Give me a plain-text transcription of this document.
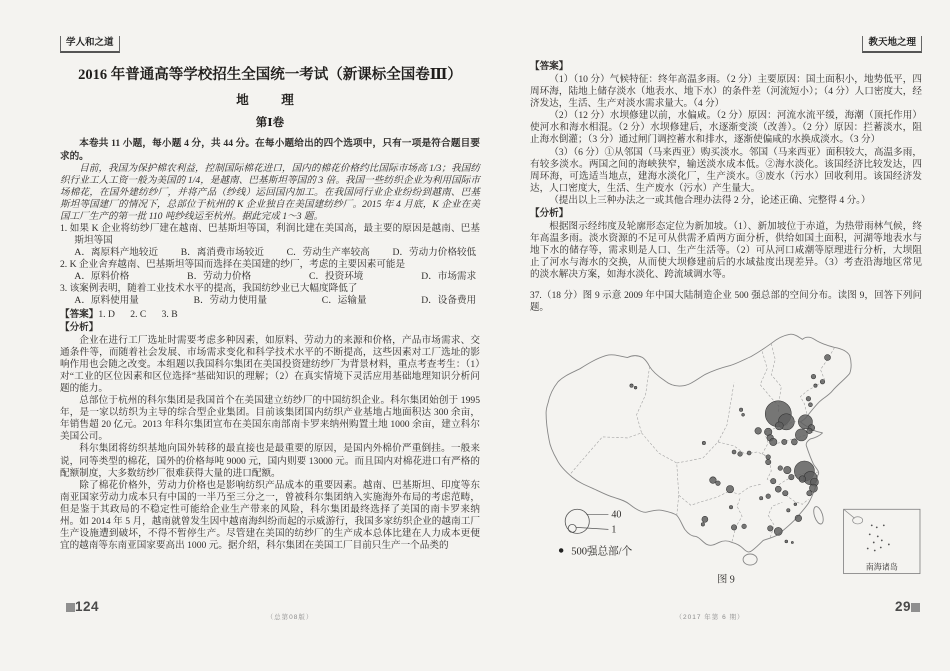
学人和之道
2016 年普通高等学校招生全国统一考试（新课标全国卷Ⅲ）
地　理
第Ⅰ卷

本卷共 11 小题，每小题 4 分，共 44 分。在每小题给出的四个选项中，只有一项是符合题目要求的。

目前，我国为保护棉农利益，控制国际棉花进口，国内的棉花价格约比国际市场高 1/3；我国纺织行业工人工资一般为美国的 1/4，是越南、巴基斯坦等国的 3 倍。我国一些纺织企业为利用国际市场棉花，在国外建纺纱厂，并将产品（纱线）运回国内加工。在我国同行业企业纷纷到越南、巴基斯坦等国建厂的情况下，总部位于杭州的 K 企业独自在美国建纺纱厂。2015 年 4 月底，K 企业在美国工厂生产的第一批 110 吨纱线运至杭州。据此完成 1～3 题。

1. 如果 K 企业将纺纱厂建在越南、巴基斯坦等国，利润比建在美国高，最主要的原因是越南、巴基斯坦等国

A．离原料产地较近 B．离消费市场较近 C．劳动生产率较高 D．劳动力价格较低

2. K 企业舍弃越南、巴基斯坦等国而选择在美国建的纱厂，考虑的主要因素可能是

A．原料价格	B．劳动力价格	C．投资环境	D．市场需求

3. 该案例表明，随着工业技术水平的提高，我国纺纱业已大幅度降低了

A．原料使用量	B．劳动力使用量	C．运输量	D．设备费用

【答案】1. D 2. C 3. B

【分析】

企业在进行工厂选址时需要考虑多种因素，如原料、劳动力的来源和价格，产品市场需求、交通条件等，而随着社会发展、市场需求变化和科学技术水平的不断提高，这些因素对工厂选址的影响作用也会随之改变。本组题以我国科尔集团在美国投资建纺纱厂为背景材料，重点考查考生：（1）对“工业的区位因素和区位选择”基础知识的理解；（2）在真实情境下灵活应用基础地理知识分析问题的能力。

总部位于杭州的科尔集团是我国首个在美国建立纺纱厂的中国纺织企业。科尔集团始创于 1995 年，是一家以纺织为主导的综合型企业集团。目前该集团国内纺织产业基地占地面积达 300 余亩，年销售超 20 亿元。2013 年科尔集团宣布在美国东南部南卡罗来纳州购置土地 1000 余亩，建立科尔美国公司。

科尔集团将纺织基地向国外转移的最直接也是最重要的原因，是国内外棉价严重倒挂。一般来说，同等类型的棉花，国外的价格每吨 9000 元，国内则要 13000 元。而且国内对棉花进口有严格的配额制度，大多数纺纱厂很难获得大量的进口配额。

除了棉花价格外，劳动力价格也是影响纺织产品成本的重要因素。越南、巴基斯坦、印度等东南亚国家劳动力成本只有中国的一半乃至三分之一，曾被科尔集团纳入实施海外布局的考虑范畴，但是鉴于其政局的不稳定性可能给企业生产带来的风险，科尔集团最终选择了美国的南卡罗来纳州。如 2014 年 5 月，越南就曾发生因中越南海纠纷而起的示威游行，我国多家纺织企业的越南工厂生产设施遭到破坏，不得不暂停生产。尽管建在美国的纺纱厂的生产成本总体比建在人力成本更便宜的越南等东南亚国家要高出 1000 元。据介绍，科尔集团在美国工厂目前只生产一个品类的

教天地之理

【答案】

（1）（10 分）气候特征：终年高温多雨。（2 分）主要原因：国土面积小，地势低平，四周环海，陆地上储存淡水（地表水、地下水）的条件差（河流短小）；（4 分）人口密度大，经济发达，生活、生产对淡水需求量大。（4 分）

（2）（12 分）水坝修建以前，水偏咸。（2 分）原因：河流水流平缓，海潮（顶托作用）使河水和海水相混。（2 分）水坝修建后，水逐渐变淡（改善）。（2 分）原因：拦蓄淡水，阻止海水倒灌；（3 分）通过闸门调控蓄水和排水，逐渐使偏咸的水换成淡水。（3 分）

（3）（6 分）①从邻国（马来西亚）购买淡水。邻国（马来西亚）面积较大，高温多雨，有较多淡水。两国之间的海峡狭窄，输送淡水成本低。②海水淡化。该国经济比较发达，四周环海，可选适当地点，建海水淡化厂，生产淡水。③废水（污水）回收利用。该国经济发达，人口密度大，生活、生产废水（污水）产生量大。

（提出以上三种办法之一或其他合理办法得 2 分，论述正确、完整得 4 分。）

【分析】

根据图示经纬度及轮廓形态定位为新加坡。（1）、新加坡位于赤道，为热带雨林气候，终年高温多雨。淡水资源的不足可从供需矛盾两方面分析，供给如国土面积，河湖等地表水与地下水的储存等，需求则是人口、生产生活等。（2）可从河口咸潮等原理进行分析，大坝阻止了河水与海水的交换，从而使大坝修建前后的水域盐度出现差异。（3）考查沿海地区常见的淡水解决方案，如海水淡化、跨流域调水等。

37.（18 分）图 9 示意 2009 年中国大陆制造企业 500 强总部的空间分布。读图 9，回答下列问题。

40
1
500强总部/个
南海诸岛
图 9
124
（总第08版）	（2017 年第 6 期）
29
